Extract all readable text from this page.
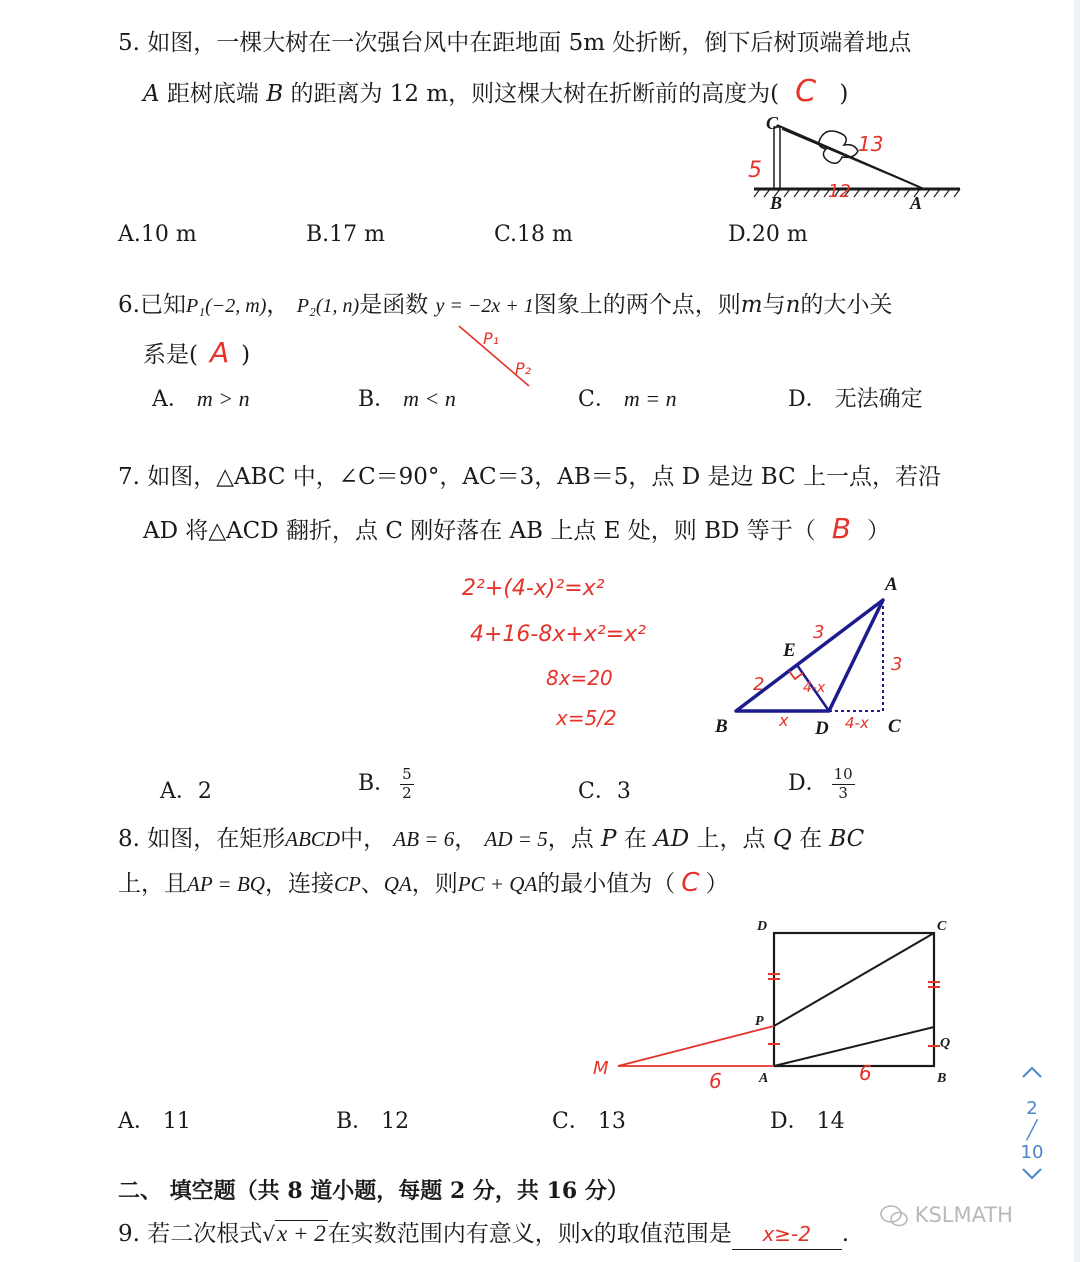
5. 如图，一棵大树在一次强台风中在距地面 5m 处折断，倒下后树顶端着地点
A 距树底端 B 的距离为 12 m，则这棵大树在折断前的高度为( C )
C
B	A
5
12
13
A.10 m	B.17 m	C.18 m	D.20 m
6.已知P₁(−2, m)， P₂(1, n)是函数 y = −2x + 1图象上的两个点，则m与n的大小关
系是( A )
P₁
P₂
A． m > n	B． m < n	C． m = n	D． 无法确定
7. 如图，△ABC 中，∠C＝90°，AC＝3，AB＝5，点 D 是边 BC 上一点，若沿
AD 将△ACD 翻折，点 C 刚好落在 AB 上点 E 处，则 BD 等于（ B ）
2²+(4-x)²=x²
4+16-8x+x²=x²
8x=20
x=5/2
A
B	C
D
E
3
3
2	4-x
x	4-x
A．2	B． $\frac{5}{2}$	C．3	D． $\frac{10}{3}$
8. 如图，在矩形ABCD中， AB = 6， AD = 5，点 P 在 AD 上，点 Q 在 BC
上，且AP = BQ，连接CP、QA，则PC + QA的最小值为（ C ）
D	C
P
Q
A	B
M
6	6
A． 11	B． 12	C． 13	D． 14
二、 填空题（共 8 道小题，每题 2 分，共 16 分）
9. 若二次根式√x + 2在实数范围内有意义，则x的取值范围是 x≥-2 .
KSLMATH
2
╱
10
